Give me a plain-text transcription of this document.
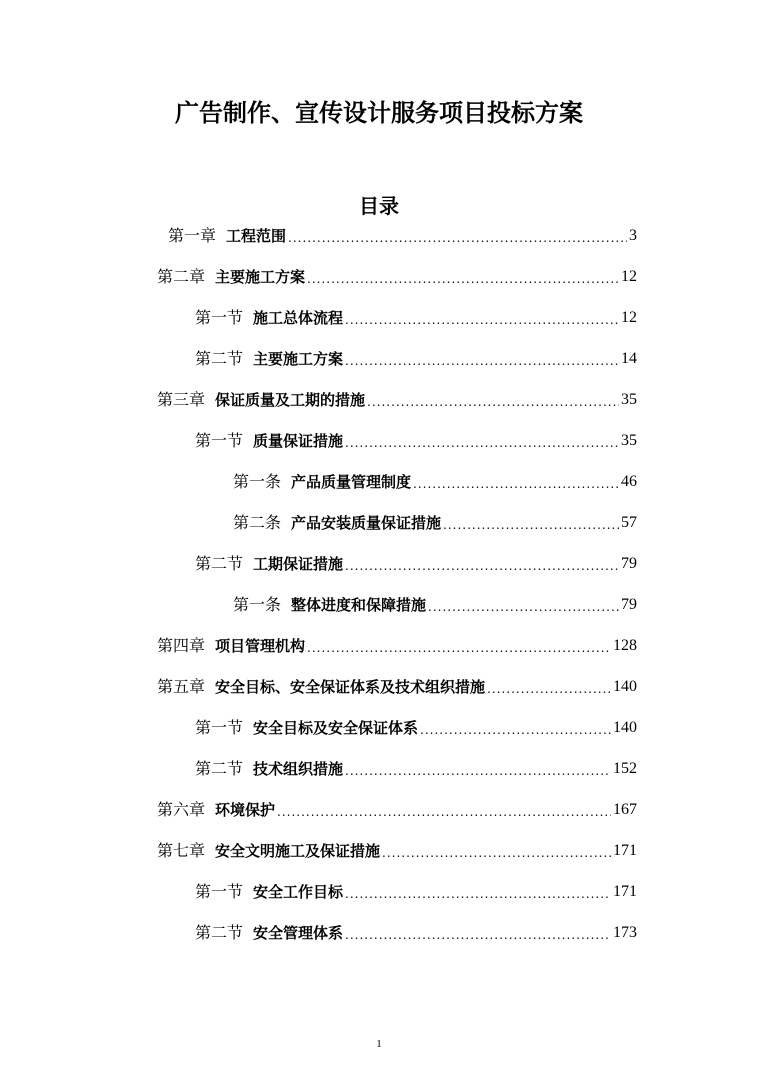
广告制作、宣传设计服务项目投标方案
目录
第一章 工程范围 .....	3
第二章 主要施工方案 .....	12
第一节 施工总体流程 .....	12
第二节 主要施工方案 .....	14
第三章 保证质量及工期的措施 .....	35
第一节 质量保证措施 .....	35
第一条 产品质量管理制度 .....	46
第二条 产品安装质量保证措施 .....	57
第二节 工期保证措施 .....	79
第一条 整体进度和保障措施 .....	79
第四章 项目管理机构 .....	128
第五章 安全目标、安全保证体系及技术组织措施 .....	140
第一节 安全目标及安全保证体系 .....	140
第二节 技术组织措施 .....	152
第六章 环境保护 .....	167
第七章 安全文明施工及保证措施 .....	171
第一节 安全工作目标 .....	171
第二节 安全管理体系 .....	173
1
